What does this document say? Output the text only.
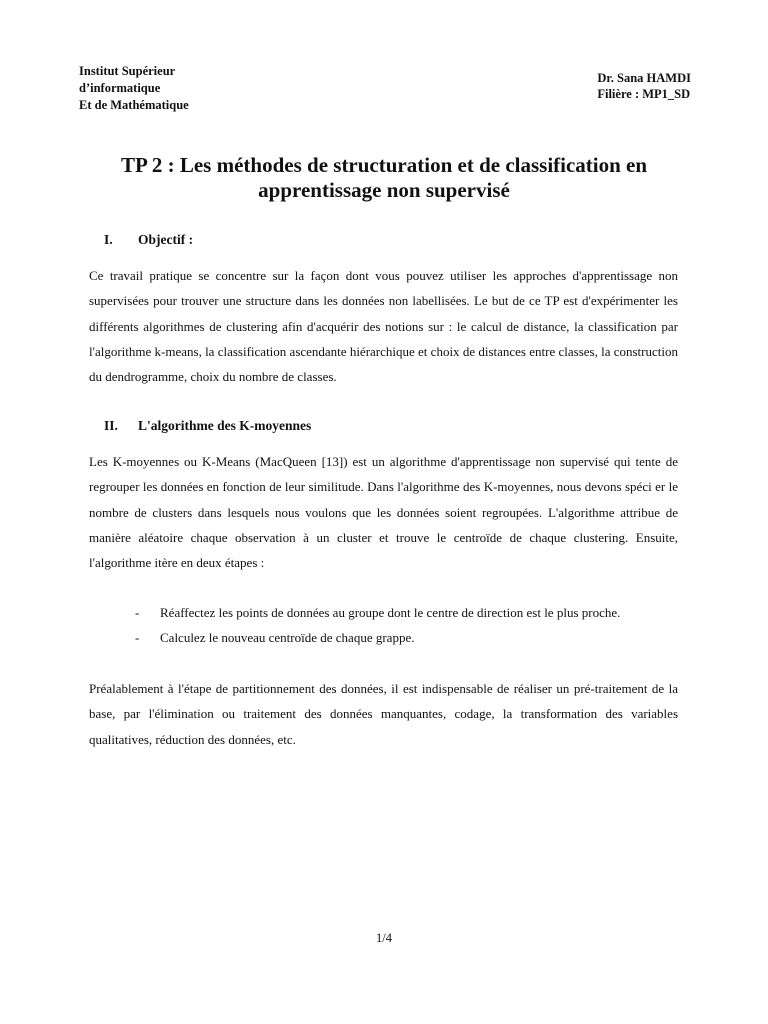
Institut Supérieur
d’informatique
Et de Mathématique
Dr. Sana HAMDI
Filière : MP1_SD
TP 2 : Les méthodes de structuration et de classification en
apprentissage non supervisé
I. Objectif :
Ce travail pratique se concentre sur la façon dont vous pouvez utiliser les approches d'apprentissage non supervisées pour trouver une structure dans les données non labellisées. Le but de ce TP est d'expérimenter les différents algorithmes de clustering afin d'acquérir des notions sur : le calcul de distance, la classification par l'algorithme k-means, la classification ascendante hiérarchique et choix de distances entre classes, la construction du dendrogramme, choix du nombre de classes.
II. L'algorithme des K-moyennes
Les K-moyennes ou K-Means (MacQueen [13]) est un algorithme d'apprentissage non supervisé qui tente de regrouper les données en fonction de leur similitude. Dans l'algorithme des K-moyennes, nous devons spéci er le nombre de clusters dans lesquels nous voulons que les données soient regroupées. L'algorithme attribue de manière aléatoire chaque observation à un cluster et trouve le centroïde de chaque clustering. Ensuite, l'algorithme itère en deux étapes :
-	Réaffectez les points de données au groupe dont le centre de direction est le plus proche.
-	Calculez le nouveau centroïde de chaque grappe.
Préalablement à l'étape de partitionnement des données, il est indispensable de réaliser un pré-traitement de la base, par l'élimination ou traitement des données manquantes, codage, la transformation des variables qualitatives, réduction des données, etc.
1/4
